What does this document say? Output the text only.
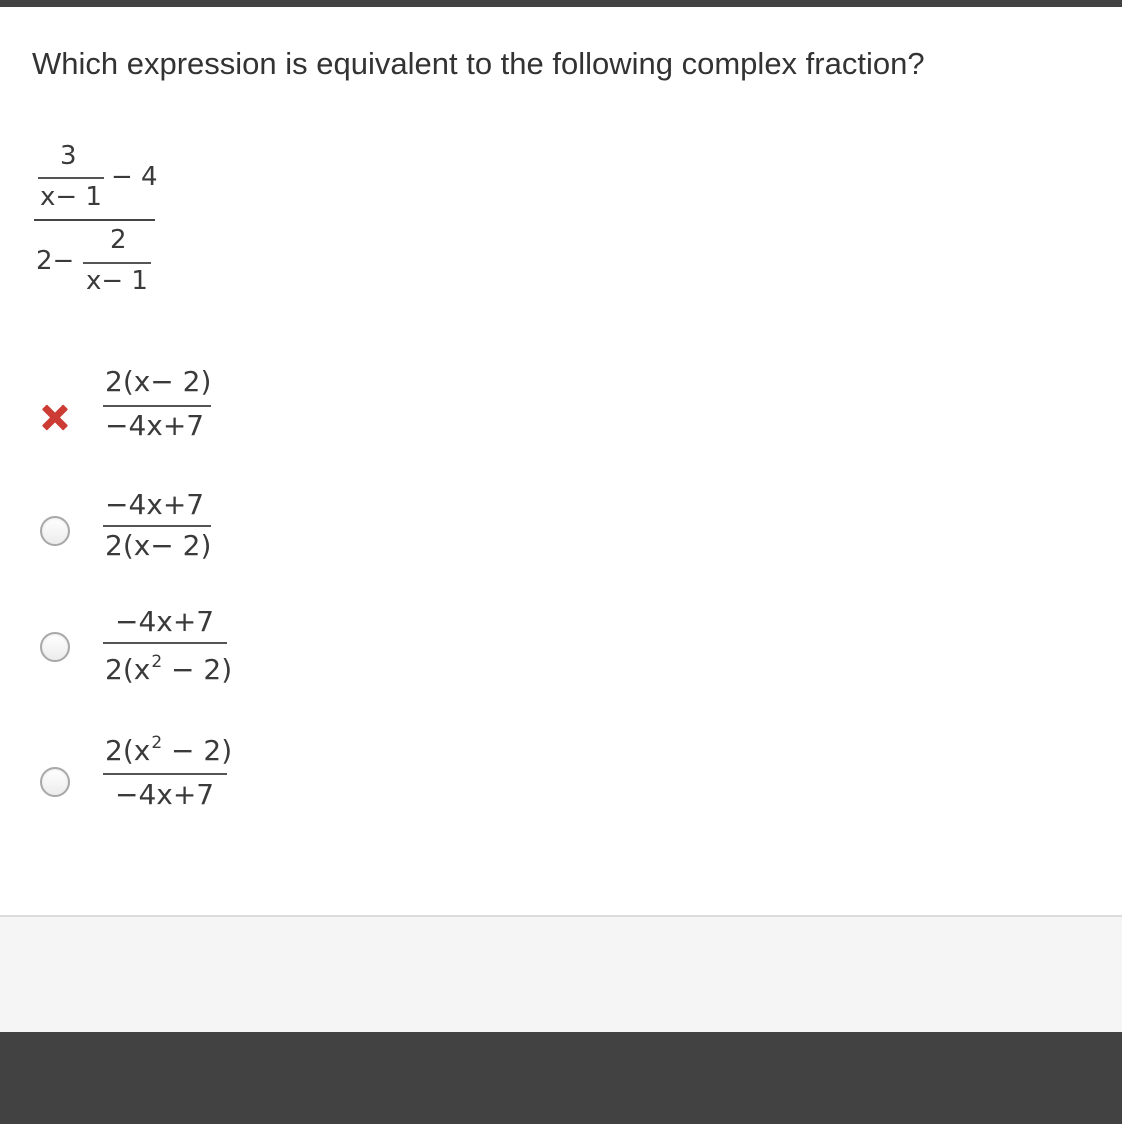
Which expression is equivalent to the following complex fraction?
3
x− 1
− 4
2−
2
x− 1
2(x− 2)
−4x+7
−4x+7
2(x− 2)
−4x+7
$2(x^2 - 2)$
$2(x^2 - 2)$
−4x+7
